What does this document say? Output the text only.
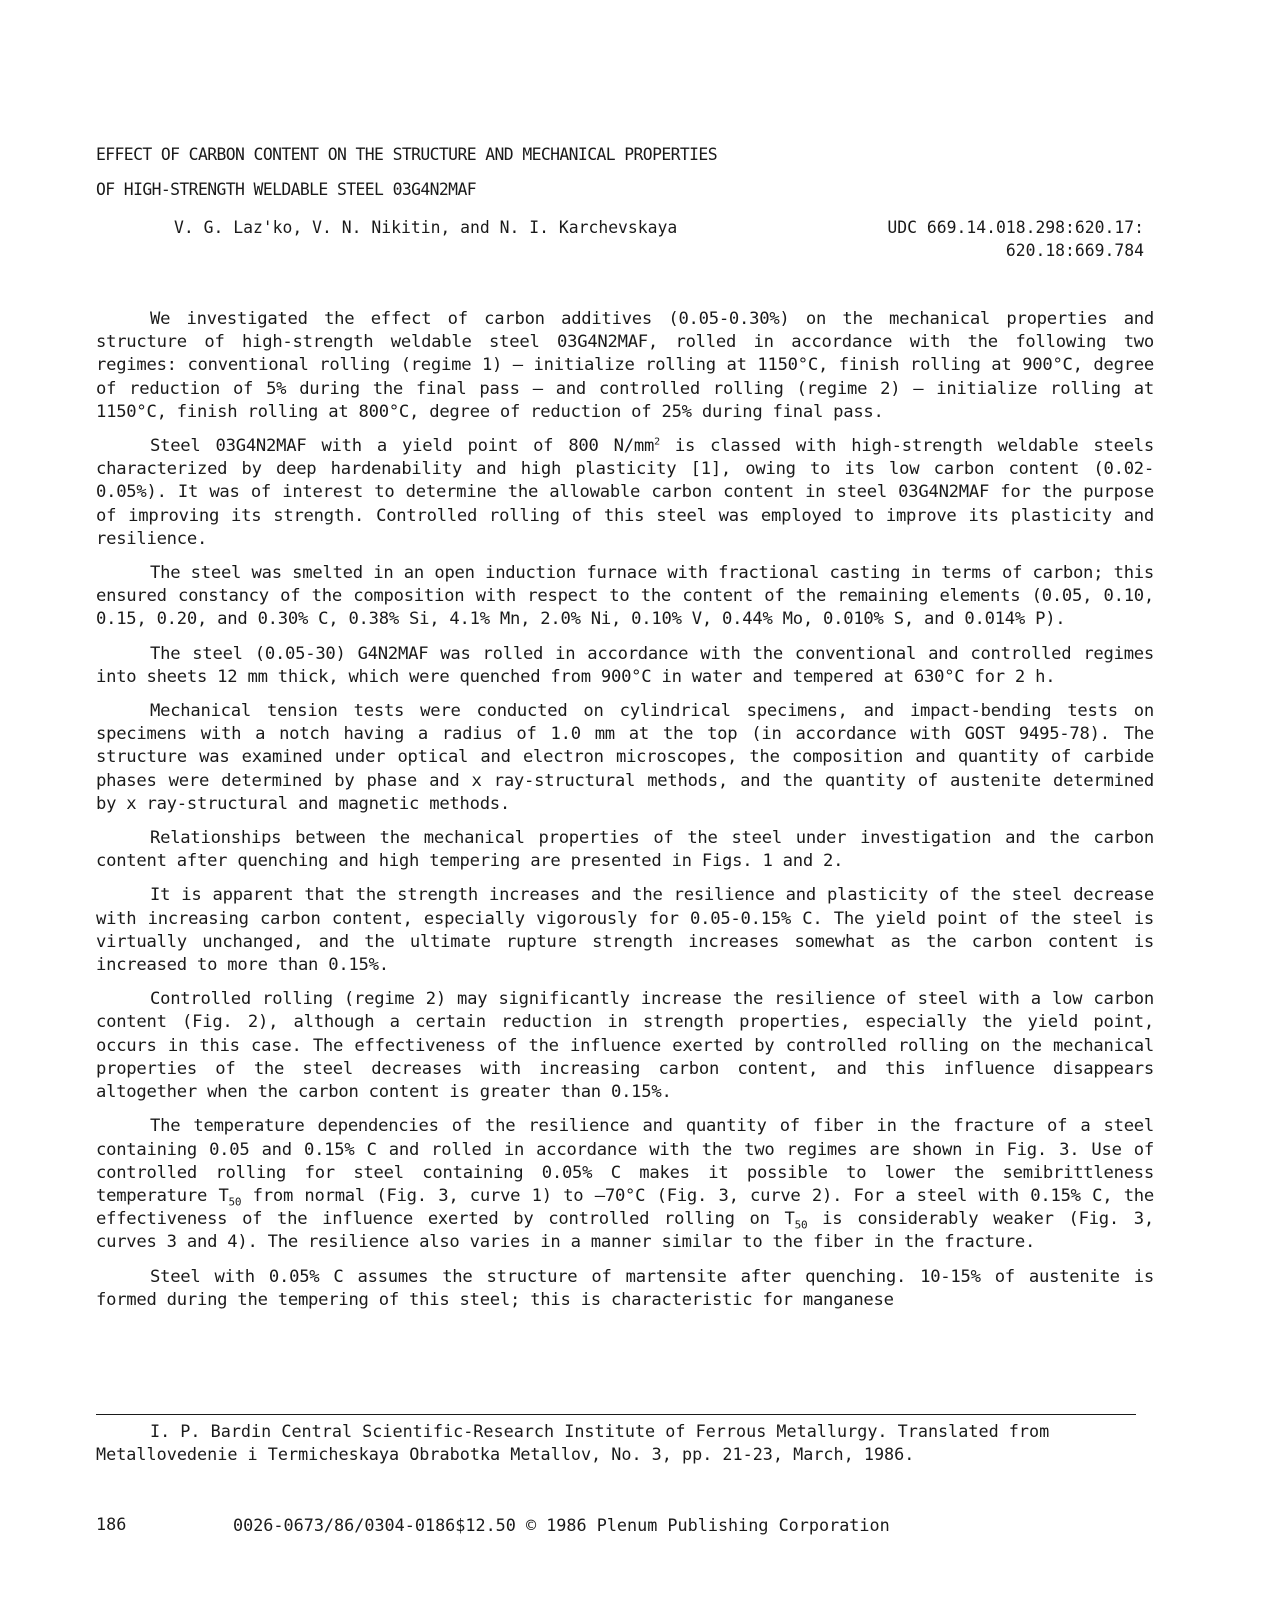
EFFECT OF CARBON CONTENT ON THE STRUCTURE AND MECHANICAL PROPERTIES
OF HIGH-STRENGTH WELDABLE STEEL 03G4N2MAF
V. G. Laz'ko, V. N. Nikitin, and N. I. Karchevskaya	UDC 669.14.018.298:620.17:
620.18:669.784

We investigated the effect of carbon additives (0.05-0.30%) on the mechanical properties and structure of high-strength weldable steel 03G4N2MAF, rolled in accordance with the following two regimes: conventional rolling (regime 1) — initialize rolling at 1150°C, finish rolling at 900°C, degree of reduction of 5% during the final pass — and controlled rolling (regime 2) — initialize rolling at 1150°C, finish rolling at 800°C, degree of reduction of 25% during final pass.

Steel 03G4N2MAF with a yield point of 800 $N/mm^2$ is classed with high-strength weldable steels characterized by deep hardenability and high plasticity [1], owing to its low carbon content (0.02-0.05%). It was of interest to determine the allowable carbon content in steel 03G4N2MAF for the purpose of improving its strength. Controlled rolling of this steel was employed to improve its plasticity and resilience.

The steel was smelted in an open induction furnace with fractional casting in terms of carbon; this ensured constancy of the composition with respect to the content of the remaining elements (0.05, 0.10, 0.15, 0.20, and 0.30% C, 0.38% Si, 4.1% Mn, 2.0% Ni, 0.10% V, 0.44% Mo, 0.010% S, and 0.014% P).

The steel (0.05-30) G4N2MAF was rolled in accordance with the conventional and controlled regimes into sheets 12 mm thick, which were quenched from 900°C in water and tempered at 630°C for 2 h.

Mechanical tension tests were conducted on cylindrical specimens, and impact-bending tests on specimens with a notch having a radius of 1.0 mm at the top (in accordance with GOST 9495-78). The structure was examined under optical and electron microscopes, the composition and quantity of carbide phases were determined by phase and x ray-structural methods, and the quantity of austenite determined by x ray-structural and magnetic methods.

Relationships between the mechanical properties of the steel under investigation and the carbon content after quenching and high tempering are presented in Figs. 1 and 2.

It is apparent that the strength increases and the resilience and plasticity of the steel decrease with increasing carbon content, especially vigorously for 0.05-0.15% C. The yield point of the steel is virtually unchanged, and the ultimate rupture strength increases somewhat as the carbon content is increased to more than 0.15%.

Controlled rolling (regime 2) may significantly increase the resilience of steel with a low carbon content (Fig. 2), although a certain reduction in strength properties, especially the yield point, occurs in this case. The effectiveness of the influence exerted by controlled rolling on the mechanical properties of the steel decreases with increasing carbon content, and this influence disappears altogether when the carbon content is greater than 0.15%.

The temperature dependencies of the resilience and quantity of fiber in the fracture of a steel containing 0.05 and 0.15% C and rolled in accordance with the two regimes are shown in Fig. 3. Use of controlled rolling for steel containing 0.05% C makes it possible to lower the semibrittleness temperature $T_{50}$ from normal (Fig. 3, curve 1) to —70°C (Fig. 3, curve 2). For a steel with 0.15% C, the effectiveness of the influence exerted by controlled rolling on $T_{50}$ is considerably weaker (Fig. 3, curves 3 and 4). The resilience also varies in a manner similar to the fiber in the fracture.

Steel with 0.05% C assumes the structure of martensite after quenching. 10-15% of austenite is formed during the tempering of this steel; this is characteristic for manganese

I. P. Bardin Central Scientific-Research Institute of Ferrous Metallurgy. Translated from Metallovedenie i Termicheskaya Obrabotka Metallov, No. 3, pp. 21-23, March, 1986.
186	0026-0673/86/0304-0186$12.50 © 1986 Plenum Publishing Corporation
